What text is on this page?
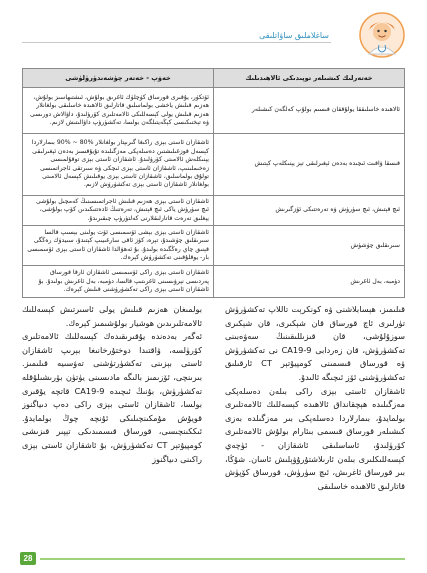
ساغلاملىق ساۋاتلىقى
خەتەرلىك كىشىلەر توپىدىكى ئالاھىدىلىك	خەۋپ - خەتەر چۈشەندۈرۈلۈشى
ئالاھىدە خاسلىققا يولۇققان قىسىم بولۇپ كەلگەن كىشىلەر	ئۆتكۈر، يۇقىرى قورساق كۈچلۈك ئاغرىق بولۇش، ئىشتىھاسىز بولۇش، ھەزىم قىلىش ياخشى بولماسلىق قاتارلىق ئالاھىدە خاسلىقى بولغانلار ھەزىم قىلىش يولى كېسەللىكى ئالامەتلىرى كۆرۈلىدۇ، داۋالاش دورىسى ۋە تېخنىكىسى كېڭەيتىلگەن بولسا، تەكشۈرۈپ داۋالىتىش لازىم.
قىسقا ۋاقىت ئىچىدە بەدەن ئېغىرلىقى تېز يېنىكلەپ كېتىش	ئاشقازان ئاستى بېزى راكىغا گىرىپتار بولغانلار %80 ~ %90 بىمارلاردا كېسەل قوزغىلىشتىن دەسلەپكى مەزگىلىدە تۇيۇقسىز بەدەن ئېغىرلىقى يېنىكلەش ئالامىتى كۆرۈلىدۇ. ئاشقازان ئاستى بېزى توقۇلمىسى زەخىملىنىپ، ئاشقازان ئاستى بېزى ئىچكى ۋە سىرتقى ئاجراتمىسى تولۇق بولماسلىق، ئاشقازان ئاستى بېزى يوقىلىش كېسەل ئالامىتى بولغانلار ئاشقازان ئاستى بېزى تەكشۈرۈش لازىم.
ئىچ قېتىش، ئىچ سۈرۈش ۋە تەرەتتىكى ئۆزگىرىش	ئاشقازان ئاستى بېزى ھەزىم قىلىش ئاجراتمىسىنىڭ كەمچىل بولۇشى ئىچ سۈرۈش ياكى ئىچ قېتىش، تەرەتنىڭ ئادەتتىكىدىن كۆپ بولۇشى، يېغلىق تەرەت قاتارلىقلارنى كەلتۈرۈپ چىقىرىدۇ.
سىرىقلىق چۈشۈش	ئاشقازان ئاستى بېزى بېشى ئۆسمىسى ئۆت يولىنى بېسىپ قالسا سىرىقلىق چۈشىدۇ، تېرە، كۆز ئاقى سارغىيىپ كېتىدۇ، سىيدۈك رەڭگى قېنىق چاي رەڭگىدە بولىدۇ. بۇ ئەھۋالدا ئاشقازان ئاستى بېزى ئۆسمىسى بار- يوقلۇقىنى تەكشۈرۈش كېرەك.
دۈمبە، بەل ئاغرىش	ئاشقازان ئاستى بېزى راكى ئۆسمىسى ئاشقازان ئارقا قورساق پەردىسى نېرۋىسىنى ئاغرىتىپ قالسا، دۈمبە، بەل ئاغرىش بولىدۇ. بۇ ئاشقازان ئاستى بېزى راكى تەكشۈرۈشنى قىلىش كېرەك.

قىلىمىز، ھېسابلاشنى ۋە كونكرېت تاللاپ تەكشۈرۈش تۈرلىرى ئاچ قورساق قان شېكىرى، قان شېكىرى سوزۇلۇشى، قان قىزىللىقىنىڭ سەۋەبىنى تەكشۈرۈش، قان زەردابى CA19-9 نى تەكشۈرۈش ۋە قورساق قىسمىنى كومپيۇتېر CT ئارقىلىق تەكشۈرۈشنى ئۆز ئىچىگە ئالىدۇ.

ئاشقازان ئاستى بېزى راكى بىلەن دەسلەپكى مەزگىلىدە ھېچقانداق ئالاھىدە كېسەللىك ئالامەتلىرى بولمايدۇ، بىمارلاردا دەسلەپكى بىر مەزگىلدە بەزى كىشىلەر قورساق قىسمى بىئارام بولۇش ئالامەتلىرى كۆرۈلىدۇ، ئاساسلىقى ئاشقازان - ئۈچەي كېسەللىكلىرى بىلەن ئارىلاشتۇرۇۋېلىش ئاسان. شۇڭا، بىر قورساق ئاغرىش، ئىچ سۈرۈش، قورساق كۆپۈش قاتارلىق ئالاھىدە خاسلىقى

بولمىغان ھەزىم قىلىش يولى ئاسىرتىش كېسەللىك ئالامەتلىرىدىن ھوشيار بولۇشىمىز كېرەك.

ئەگەر بەدەندە يۇقىرىقىدەك كېسەللىك ئالامەتلىرى كۆرۈلسە، ۋاقتىدا دوختۇرخانىغا بېرىپ ئاشقازان ئاستى بېزىنى تەكشۈرتۈشنى تەۋسىيە قىلىمىز. بىرىنچى، ئۆزىمىز بالىگە مادىسىنى يۈتۈن بۆرىشىلۇقلە تەكشۈرۈش، بۇنىڭ ئىچىدە CA19-9 قاتچە يۇقىرى بولسا، ئاشقازان ئاستى بېزى راكى دەپ دىياگنوز قويۇش مۇمكىنچىلىكى ئۇنچە چوڭ بولمايدۇ. ئىككىنچىسى، قورساق قىسمىدىكى تېپىر قىزىشى كومپيۇتېر CT تەكشۈرۈش، بۇ ئاشقازان ئاستى بېزى راكىنى دىياگنوز

28
